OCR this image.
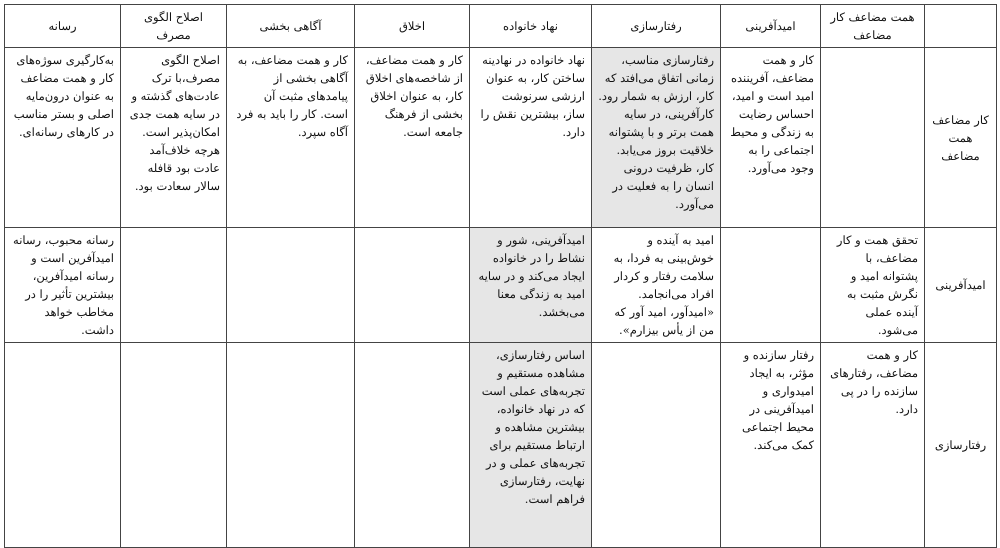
	همت مضاعف کار مضاعف	امیدآفرینی	رفتارسازی	نهاد خانواده	اخلاق	آگاهی بخشی	اصلاح الگوی مصرف	رسانه
کار مضاعف همت مضاعف		کار و همت مضاعف، آفریننده امید است و امید، احساس رضایت به زندگی و محیط اجتماعی را به وجود می‌آورد.	رفتارسازی مناسب، زمانی اتفاق می‌افتد که کار، ارزش به شمار رود. کارآفرینی، در سایه همت برتر و با پشتوانه خلاقیت بروز می‌یابد. کار، ظرفیت درونی انسان را به فعلیت در می‌آورد.	نهاد خانواده در نهادینه ساختن کار، به عنوان ارزشی سرنوشت ساز، بیشترین نقش را دارد.	کار و همت مضاعف، از شاخصه‌های اخلاق کار، به عنوان اخلاق بخشی از فرهنگ جامعه است.	کار و همت مضاعف، به آگاهی بخشی از پیامدهای مثبت آن است. کار را باید به فرد آگاه سپرد.	اصلاح الگوی مصرف،با ترک عادت‌های گذشته و در سایه همت جدی امکان‌پذیر است. هرچه خلاف‌آمد عادت بود قافله سالار سعادت بود.	به‌کارگیری سوژه‌های کار و همت مضاعف به عنوان درون‌مایه اصلی و بستر مناسب در کارهای رسانه‌ای.
امیدآفرینی	تحقق همت و کار مضاعف، با پشتوانه امید و نگرش مثبت به آینده عملی می‌شود.		امید به آینده و خوش‌بینی به فردا، به سلامت رفتار و کردار افراد می‌انجامد. «امیدآور، امید آور که من از یأس بیزارم».	امیدآفرینی، شور و نشاط را در خانواده ایجاد می‌کند و در سایه امید به زندگی معنا می‌بخشد.				رسانه محبوب، رسانه امیدآفرین است و رسانه امیدآفرین، بیشترین تأثیر را در مخاطب خواهد داشت.
رفتارسازی	کار و همت مضاعف، رفتارهای سازنده را در پی دارد.	رفتار سازنده و مؤثر، به ایجاد امیدواری و امیدآفرینی در محیط اجتماعی کمک می‌کند.		اساس رفتارسازی، مشاهده مستقیم و تجربه‌های عملی است که در نهاد خانواده، بیشترین مشاهده و ارتباط مستقیم برای تجربه‌های عملی و در نهایت، رفتارسازی فراهم است.				
